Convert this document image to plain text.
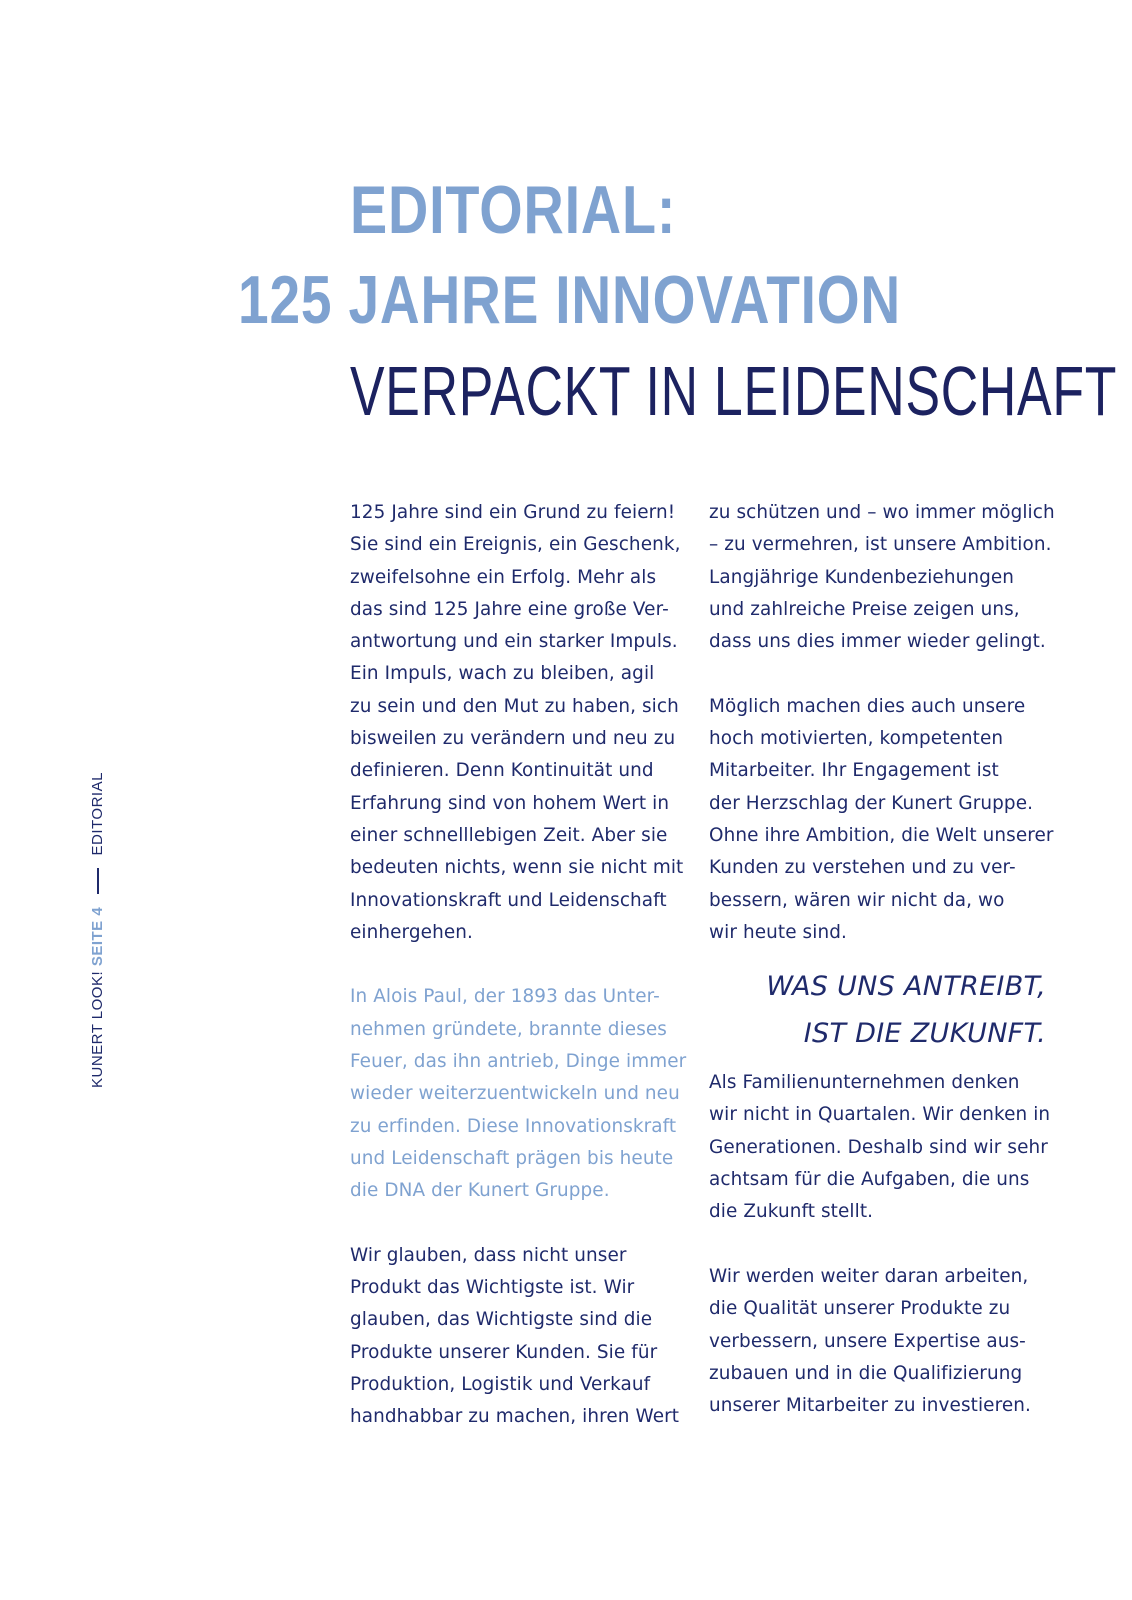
EDITORIAL:
125 JAHRE INNOVATION
VERPACKT IN LEIDENSCHAFT
KUNERT LOOK! SEITE 4  EDITORIAL
125 Jahre sind ein Grund zu feiern!
Sie sind ein Ereignis, ein Geschenk,
zweifelsohne ein Erfolg. Mehr als
das sind 125 Jahre eine große Ver-
antwortung und ein starker Impuls.
Ein Impuls, wach zu bleiben, agil
zu sein und den Mut zu haben, sich
bisweilen zu verändern und neu zu
definieren. Denn Kontinuität und
Erfahrung sind von hohem Wert in
einer schnelllebigen Zeit. Aber sie
bedeuten nichts, wenn sie nicht mit
Innovationskraft und Leidenschaft
einhergehen.
In Alois Paul, der 1893 das Unter-
nehmen gründete, brannte dieses
Feuer, das ihn antrieb, Dinge immer
wieder weiterzuentwickeln und neu
zu erfinden. Diese Innovationskraft
und Leidenschaft prägen bis heute
die DNA der Kunert Gruppe.
Wir glauben, dass nicht unser
Produkt das Wichtigste ist. Wir
glauben, das Wichtigste sind die
Produkte unserer Kunden. Sie für
Produktion, Logistik und Verkauf
handhabbar zu machen, ihren Wert
zu schützen und – wo immer möglich
– zu vermehren, ist unsere Ambition.
Langjährige Kundenbeziehungen
und zahlreiche Preise zeigen uns,
dass uns dies immer wieder gelingt.
Möglich machen dies auch unsere
hoch motivierten, kompetenten
Mitarbeiter. Ihr Engagement ist
der Herzschlag der Kunert Gruppe.
Ohne ihre Ambition, die Welt unserer
Kunden zu verstehen und zu ver-
bessern, wären wir nicht da, wo
wir heute sind.
WAS UNS ANTREIBT,
IST DIE ZUKUNFT.
Als Familienunternehmen denken
wir nicht in Quartalen. Wir denken in
Generationen. Deshalb sind wir sehr
achtsam für die Aufgaben, die uns
die Zukunft stellt.
Wir werden weiter daran arbeiten,
die Qualität unserer Produkte zu
verbessern, unsere Expertise aus-
zubauen und in die Qualifizierung
unserer Mitarbeiter zu investieren.
